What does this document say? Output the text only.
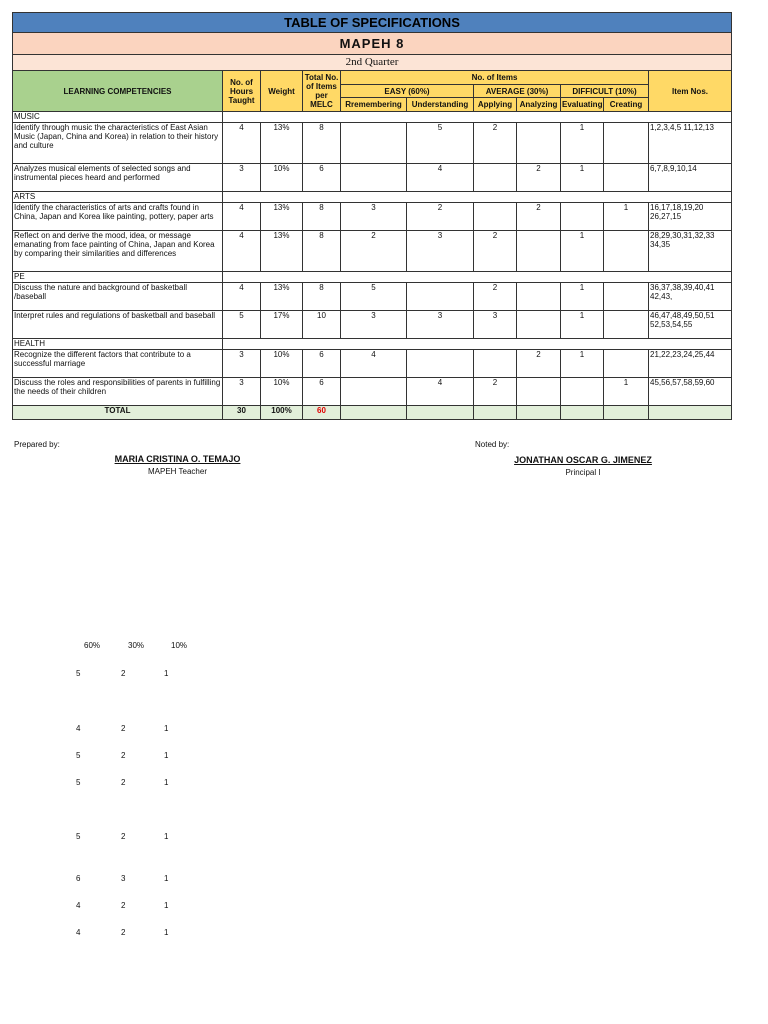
TABLE OF SPECIFICATIONS										
MAPEH 8										
2nd Quarter										
LEARNING COMPETENCIES	No. of Hours Taught	Weight	Total No. of Items per MELC	No. of Items						Item Nos.
				EASY (60%)		AVERAGE (30%)		DIFFICULT (10%)		
				Rremembering	Understanding	Applying	Analyzing	Evaluating	Creating	
MUSIC										
Identify through music the characteristics of East Asian Music (Japan, China and Korea) in relation to their history and culture	4	13%	8		5	2		1		1,2,3,4,5 11,12,13
Analyzes musical elements of selected songs and instrumental pieces heard and performed	3	10%	6		4		2	1		6,7,8,9,10,14
ARTS										
Identify the characteristics of arts and crafts found in China, Japan and Korea like painting, pottery, paper arts	4	13%	8	3	2		2		1	16,17,18,19,20 26,27,15
Reflect on and derive the mood, idea, or message emanating from face painting of China, Japan and Korea by comparing their similarities and differences	4	13%	8	2	3	2		1		28,29,30,31,32,33 34,35
PE										
Discuss the nature and background of basketball /baseball	4	13%	8	5		2		1		36,37,38,39,40,41 42,43,
Interpret rules and regulations of basketball and baseball	5	17%	10	3	3	3		1		46,47,48,49,50,51 52,53,54,55
HEALTH										
Recognize the different factors that contribute to a successful marriage	3	10%	6	4			2	1		21,22,23,24,25,44
Discuss the roles and responsibilities of parents in fulfilling the needs of their children	3	10%	6		4	2			1	45,56,57,58,59,60
TOTAL	30	100%	60							
Prepared by:
MARIA CRISTINA O. TEMAJO
MAPEH Teacher
Noted by:
JONATHAN OSCAR G. JIMENEZ
Principal I
60%	30%	10%
5	2	1
4	2	1
5	2	1
5	2	1
5	2	1
6	3	1
4	2	1
4	2	1
